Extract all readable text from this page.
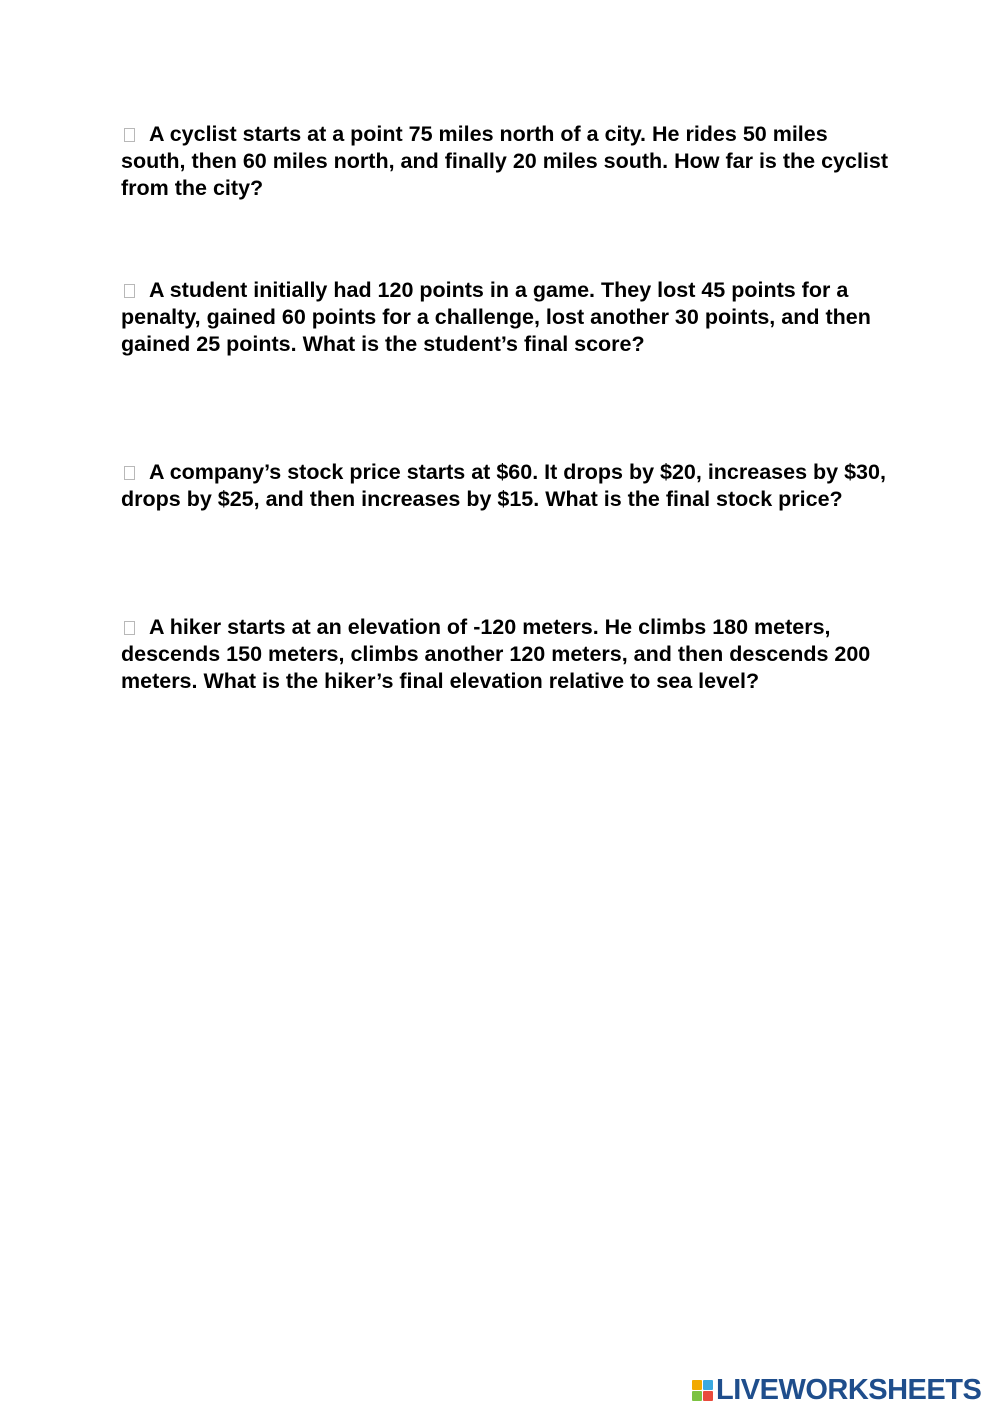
A cyclist starts at a point 75 miles north of a city. He rides 50 miles south, then 60 miles north, and finally 20 miles south. How far is the cyclist from the city?

A student initially had 120 points in a game. They lost 45 points for a penalty, gained 60 points for a challenge, lost another 30 points, and then gained 25 points. What is the student’s final score?

A company’s stock price starts at $60. It drops by $20, increases by $30, drops by $25, and then increases by $15. What is the final stock price?

A hiker starts at an elevation of -120 meters. He climbs 180 meters, descends 150 meters, climbs another 120 meters, and then descends 200 meters. What is the hiker’s final elevation relative to sea level?

LIVEWORKSHEETS
